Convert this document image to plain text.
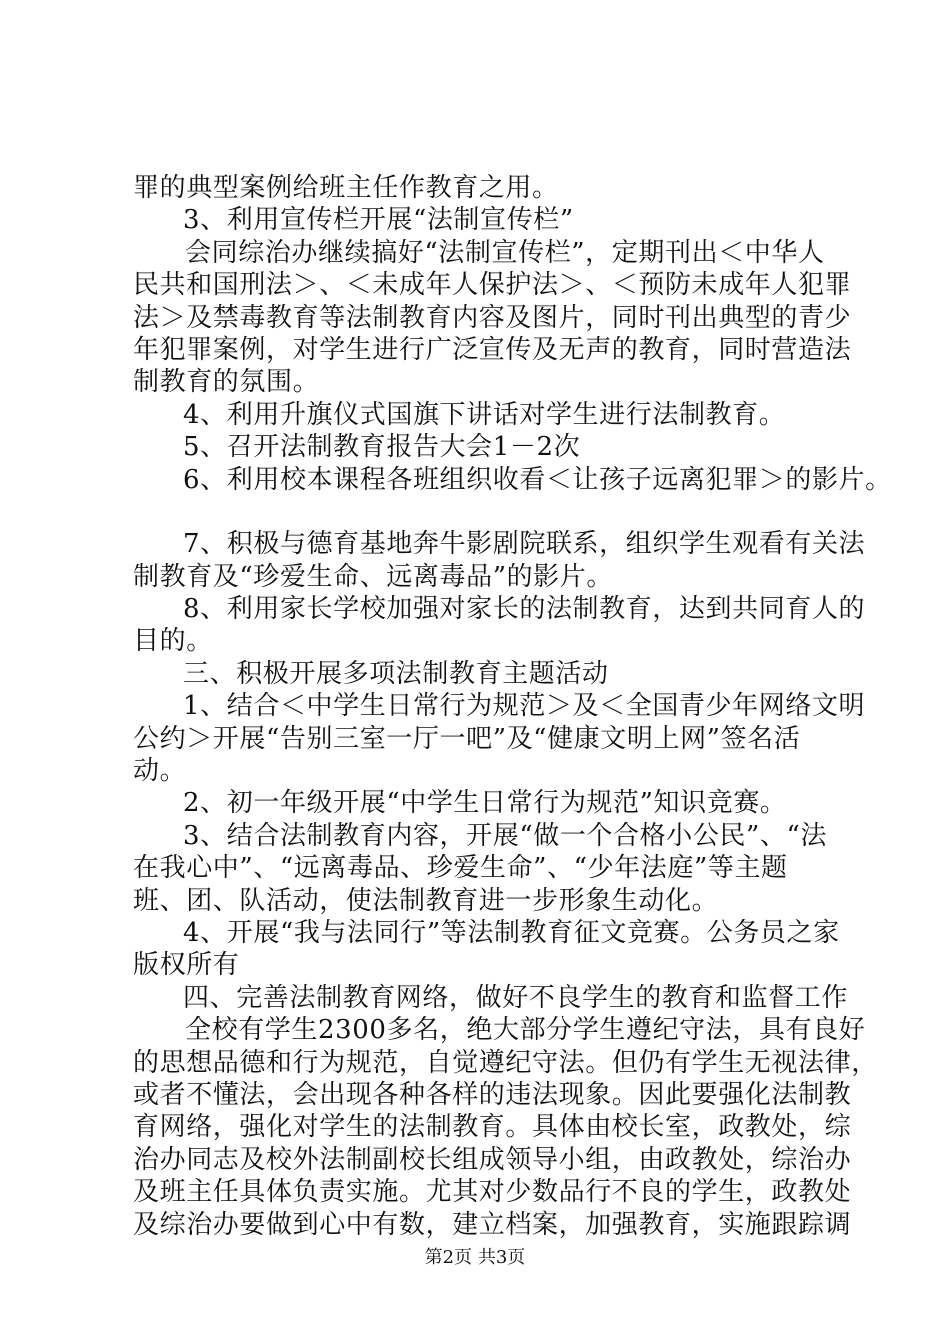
罪的典型案例给班主任作教育之用。
3、利用宣传栏开展“法制宣传栏”
会同综治办继续搞好“法制宣传栏”，定期刊出＜中华人
民共和国刑法＞、＜未成年人保护法＞、＜预防未成年人犯罪
法＞及禁毒教育等法制教育内容及图片，同时刊出典型的青少
年犯罪案例，对学生进行广泛宣传及无声的教育，同时营造法
制教育的氛围。
4、利用升旗仪式国旗下讲话对学生进行法制教育。
5、召开法制教育报告大会1－2次
6、利用校本课程各班组织收看＜让孩子远离犯罪＞的影片。
7、积极与德育基地奔牛影剧院联系，组织学生观看有关法
制教育及“珍爱生命、远离毒品”的影片。
8、利用家长学校加强对家长的法制教育，达到共同育人的
目的。
三、积极开展多项法制教育主题活动
1、结合＜中学生日常行为规范＞及＜全国青少年网络文明
公约＞开展“告别三室一厅一吧”及“健康文明上网”签名活
动。
2、初一年级开展“中学生日常行为规范”知识竞赛。
3、结合法制教育内容，开展“做一个合格小公民”、“法
在我心中”、“远离毒品、珍爱生命”、“少年法庭”等主题
班、团、队活动，使法制教育进一步形象生动化。
4、开展“我与法同行”等法制教育征文竞赛。公务员之家
版权所有
四、完善法制教育网络，做好不良学生的教育和监督工作
全校有学生2300多名，绝大部分学生遵纪守法，具有良好
的思想品德和行为规范，自觉遵纪守法。但仍有学生无视法律，
或者不懂法，会出现各种各样的违法现象。因此要强化法制教
育网络，强化对学生的法制教育。具体由校长室，政教处，综
治办同志及校外法制副校长组成领导小组，由政教处，综治办
及班主任具体负责实施。尤其对少数品行不良的学生，政教处
及综治办要做到心中有数，建立档案，加强教育，实施跟踪调
第2页 共3页
